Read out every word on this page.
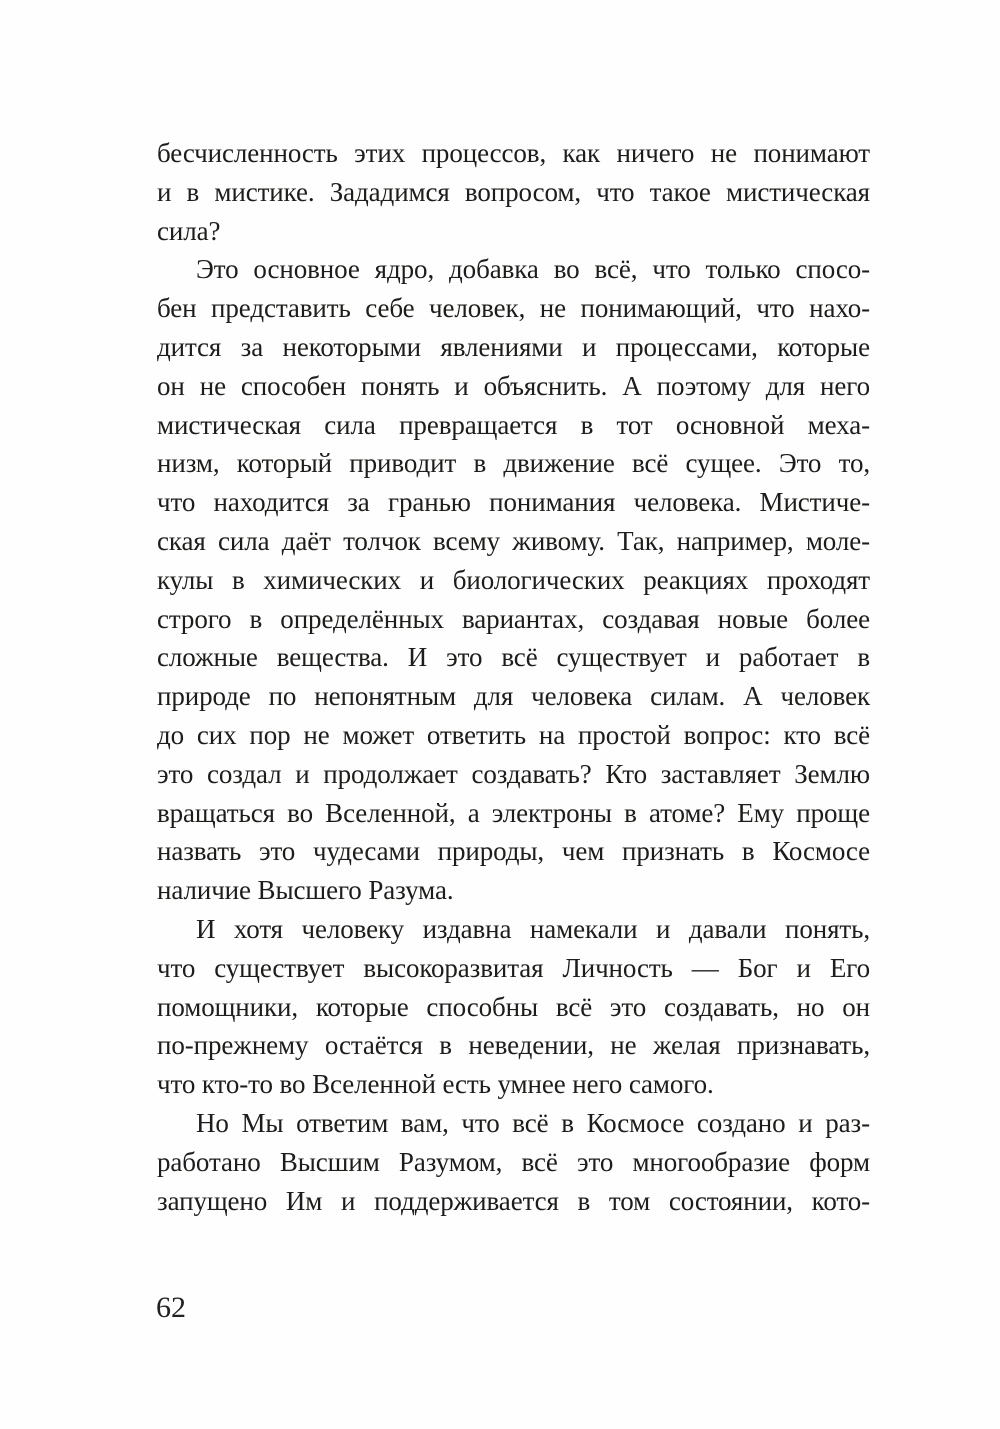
бесчисленность этих процессов, как ничего не понимают
и в мистике. Зададимся вопросом, что такое мистическая
сила?
Это основное ядро, добавка во всё, что только спосо-
бен представить себе человек, не понимающий, что нахо-
дится за некоторыми явлениями и процессами, которые
он не способен понять и объяснить. А поэтому для него
мистическая сила превращается в тот основной меха-
низм, который приводит в движение всё сущее. Это то,
что находится за гранью понимания человека. Мистиче-
ская сила даёт толчок всему живому. Так, например, моле-
кулы в химических и биологических реакциях проходят
строго в определённых вариантах, создавая новые более
сложные вещества. И это всё существует и работает в
природе по непонятным для человека силам. А человек
до сих пор не может ответить на простой вопрос: кто всё
это создал и продолжает создавать? Кто заставляет Землю
вращаться во Вселенной, а электроны в атоме? Ему проще
назвать это чудесами природы, чем признать в Космосе
наличие Высшего Разума.
И хотя человеку издавна намекали и давали понять,
что существует высокоразвитая Личность — Бог и Его
помощники, которые способны всё это создавать, но он
по-прежнему остаётся в неведении, не желая признавать,
что кто-то во Вселенной есть умнее него самого.
Но Мы ответим вам, что всё в Космосе создано и раз-
работано Высшим Разумом, всё это многообразие форм
запущено Им и поддерживается в том состоянии, кото-
62
